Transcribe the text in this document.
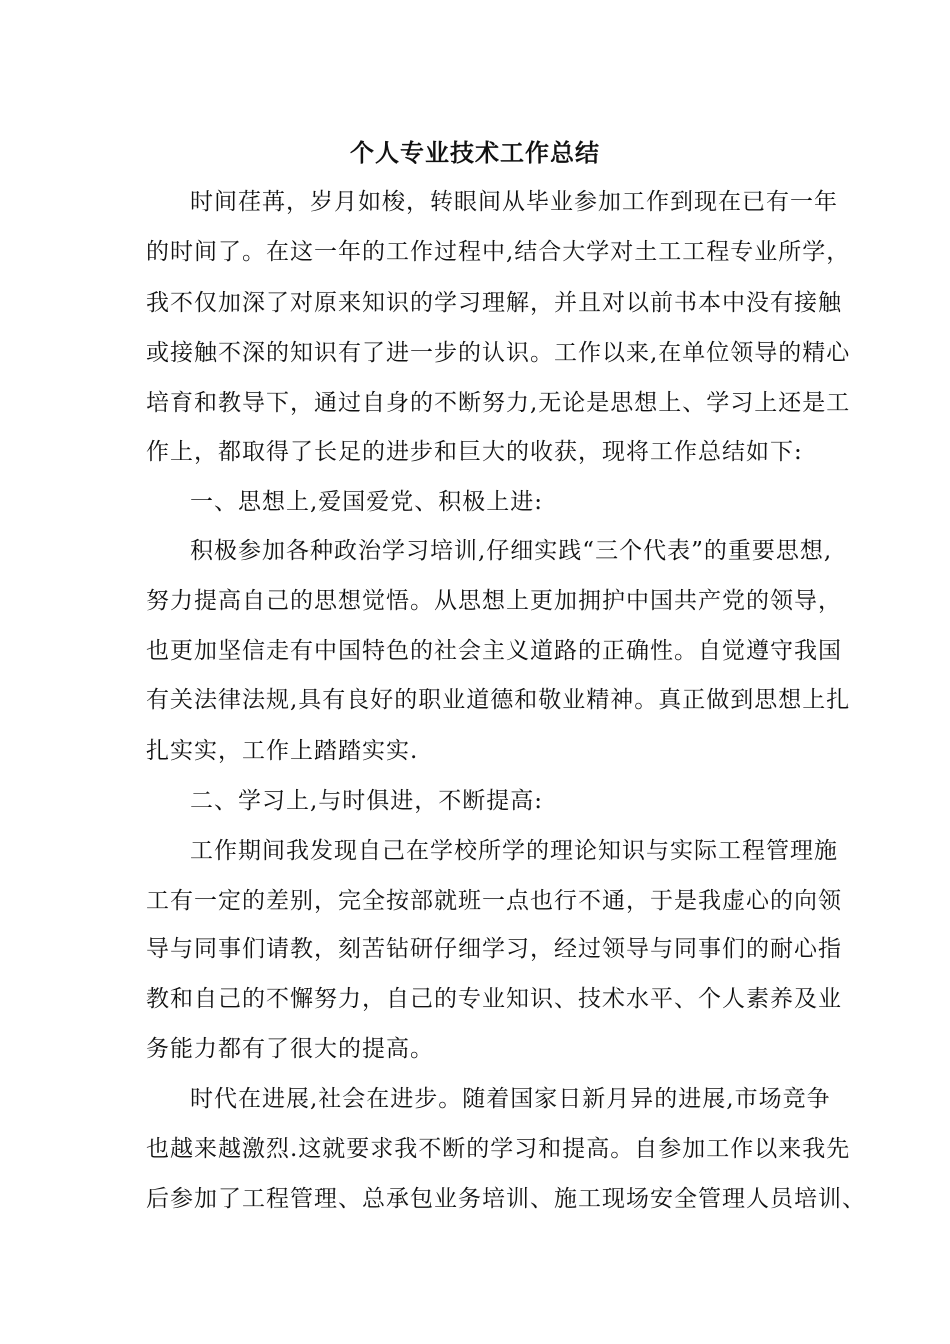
个人专业技术工作总结
时间荏苒，岁月如梭，转眼间从毕业参加工作到现在已有一年
的时间了。在这一年的工作过程中,结合大学对土工工程专业所学，
我不仅加深了对原来知识的学习理解，并且对以前书本中没有接触
或接触不深的知识有了进一步的认识。工作以来,在单位领导的精心
培育和教导下，通过自身的不断努力,无论是思想上、学习上还是工
作上，都取得了长足的进步和巨大的收获，现将工作总结如下:
一、思想上,爱国爱党、积极上进:
积极参加各种政治学习培训,仔细实践“三个代表”的重要思想,
努力提高自己的思想觉悟。从思想上更加拥护中国共产党的领导，
也更加坚信走有中国特色的社会主义道路的正确性。自觉遵守我国
有关法律法规,具有良好的职业道德和敬业精神。真正做到思想上扎
扎实实，工作上踏踏实实.
二、学习上,与时俱进，不断提高:
工作期间我发现自己在学校所学的理论知识与实际工程管理施
工有一定的差别，完全按部就班一点也行不通，于是我虚心的向领
导与同事们请教，刻苦钻研仔细学习，经过领导与同事们的耐心指
教和自己的不懈努力，自己的专业知识、技术水平、个人素养及业
务能力都有了很大的提高。
时代在进展,社会在进步。随着国家日新月异的进展,市场竞争
也越来越激烈.这就要求我不断的学习和提高。自参加工作以来我先
后参加了工程管理、总承包业务培训、施工现场安全管理人员培训、
